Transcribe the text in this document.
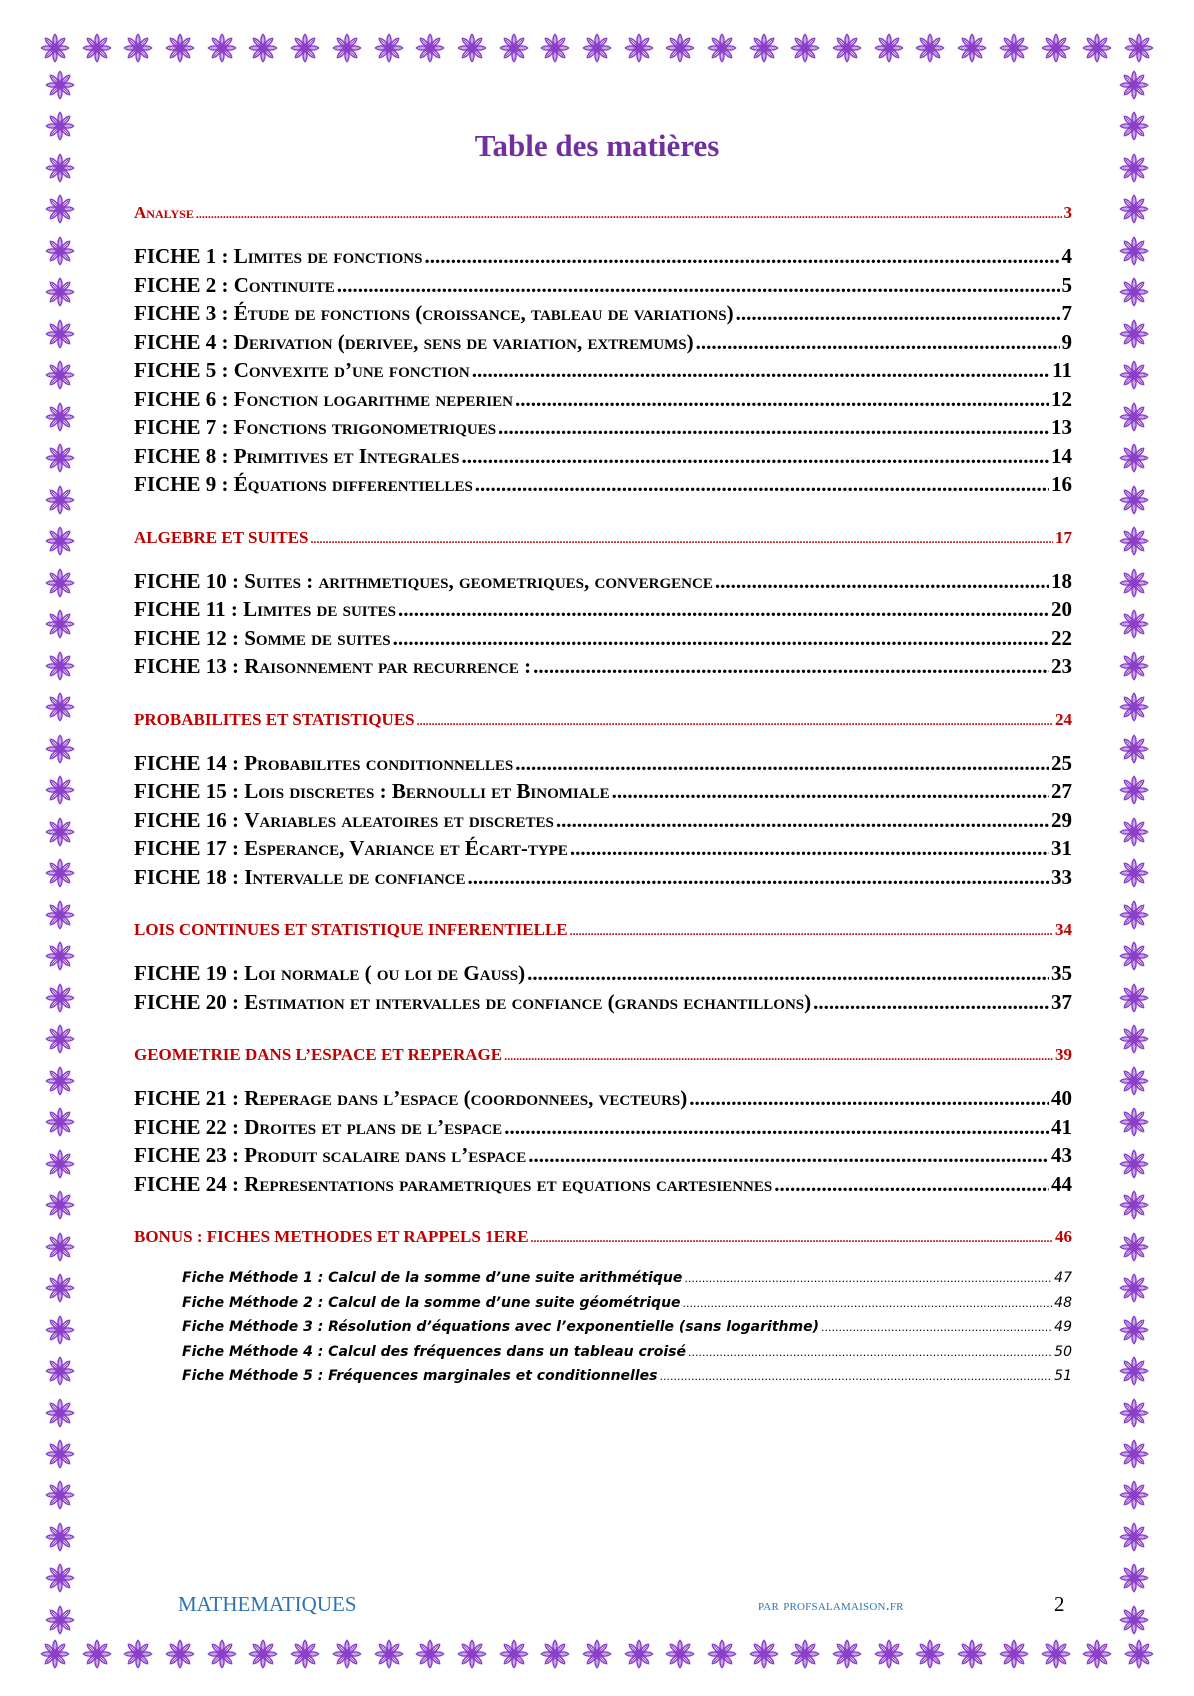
Table des matières
Analyse .....	3
FICHE 1 : Limites de fonctions .....	4
FICHE 2 : Continuite .....	5
FICHE 3 : Étude de fonctions (croissance, tableau de variations) .....	7
FICHE 4 : Derivation (derivee, sens de variation, extremums) .....	9
FICHE 5 : Convexite d’une fonction .....	11
FICHE 6 : Fonction logarithme neperien .....	12
FICHE 7 : Fonctions trigonometriques .....	13
FICHE 8 : Primitives et Integrales .....	14
FICHE 9 : Équations differentielles .....	16
ALGEBRE ET SUITES .....	17
FICHE 10 : Suites : arithmetiques, geometriques, convergence .....	18
FICHE 11 : Limites de suites .....	20
FICHE 12 : Somme de suites .....	22
FICHE 13 : Raisonnement par recurrence : .....	23
PROBABILITES ET STATISTIQUES .....	24
FICHE 14 : Probabilites conditionnelles .....	25
FICHE 15 : Lois discretes : Bernoulli et Binomiale .....	27
FICHE 16 : Variables aleatoires et discretes .....	29
FICHE 17 : Esperance, Variance et Écart-type .....	31
FICHE 18 : Intervalle de confiance .....	33
LOIS CONTINUES ET STATISTIQUE INFERENTIELLE .....	34
FICHE 19 : Loi normale ( ou loi de Gauss) .....	35
FICHE 20 : Estimation et intervalles de confiance (grands echantillons) .....	37
GEOMETRIE DANS L’ESPACE ET REPERAGE .....	39
FICHE 21 : Reperage dans l’espace (coordonnees, vecteurs) .....	40
FICHE 22 : Droites et plans de l’espace .....	41
FICHE 23 : Produit scalaire dans l’espace .....	43
FICHE 24 : Representations parametriques et equations cartesiennes .....	44
BONUS : FICHES METHODES ET RAPPELS 1ERE .....	46
Fiche Méthode 1 : Calcul de la somme d’une suite arithmétique .....	47
Fiche Méthode 2 : Calcul de la somme d’une suite géométrique .....	48
Fiche Méthode 3 : Résolution d’équations avec l’exponentielle (sans logarithme) .....	49
Fiche Méthode 4 : Calcul des fréquences dans un tableau croisé .....	50
Fiche Méthode 5 : Fréquences marginales et conditionnelles .....	51
MATHEMATIQUES	par profsalamaison.fr	2
